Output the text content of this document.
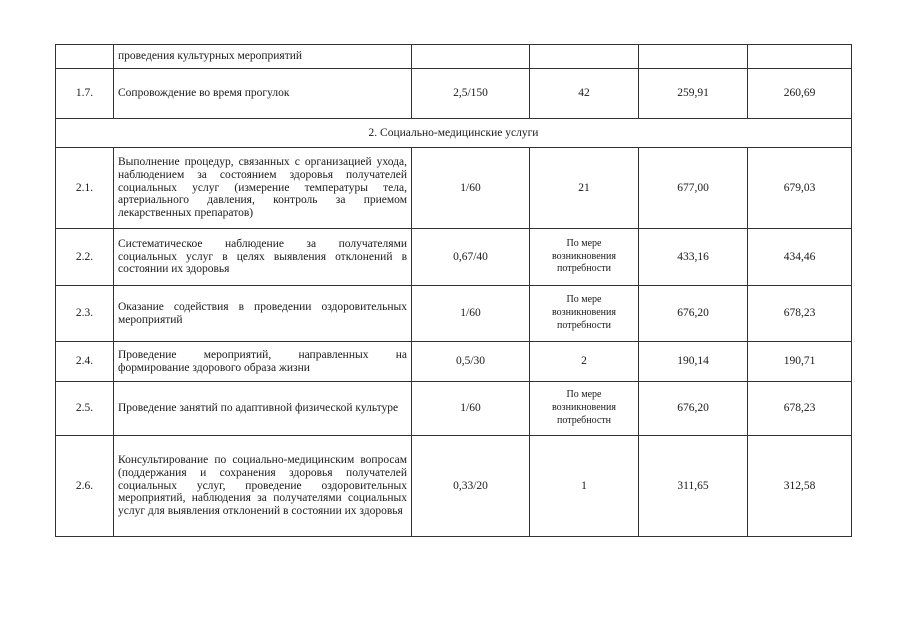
	проведения культурных мероприятий				
1.7.	Сопровождение во время прогулок	2,5/150	42	259,91	260,69
2. Социально-медицинские услуги					
2.1.	Выполнение процедур, связанных с организацией ухода, наблюдением за состоянием здоровья получателей социальных услуг (измерение температуры тела, артериального давления, контроль за приемом лекарственных препаратов)	1/60	21	677,00	679,03
2.2.	Систематическое наблюдение за получателями социальных услуг в целях выявления отклонений в состоянии их здоровья	0,67/40	По мере возникновения потребности	433,16	434,46
2.3.	Оказание содействия в проведении оздоровительных мероприятий	1/60	По мере возникновения потребности	676,20	678,23
2.4.	Проведение мероприятий, направленных на формирование здорового образа жизни	0,5/30	2	190,14	190,71
2.5.	Проведение занятий по адаптивной физической культуре	1/60	По мере возникновения потребностн	676,20	678,23
2.6.	Консультирование по социально-медицинским вопросам (поддержания и сохранения здоровья получателей социальных услуг, проведение оздоровительных мероприятий, наблюдения за получателями социальных услуг для выявления отклонений в состоянии их здоровья	0,33/20	1	311,65	312,58
